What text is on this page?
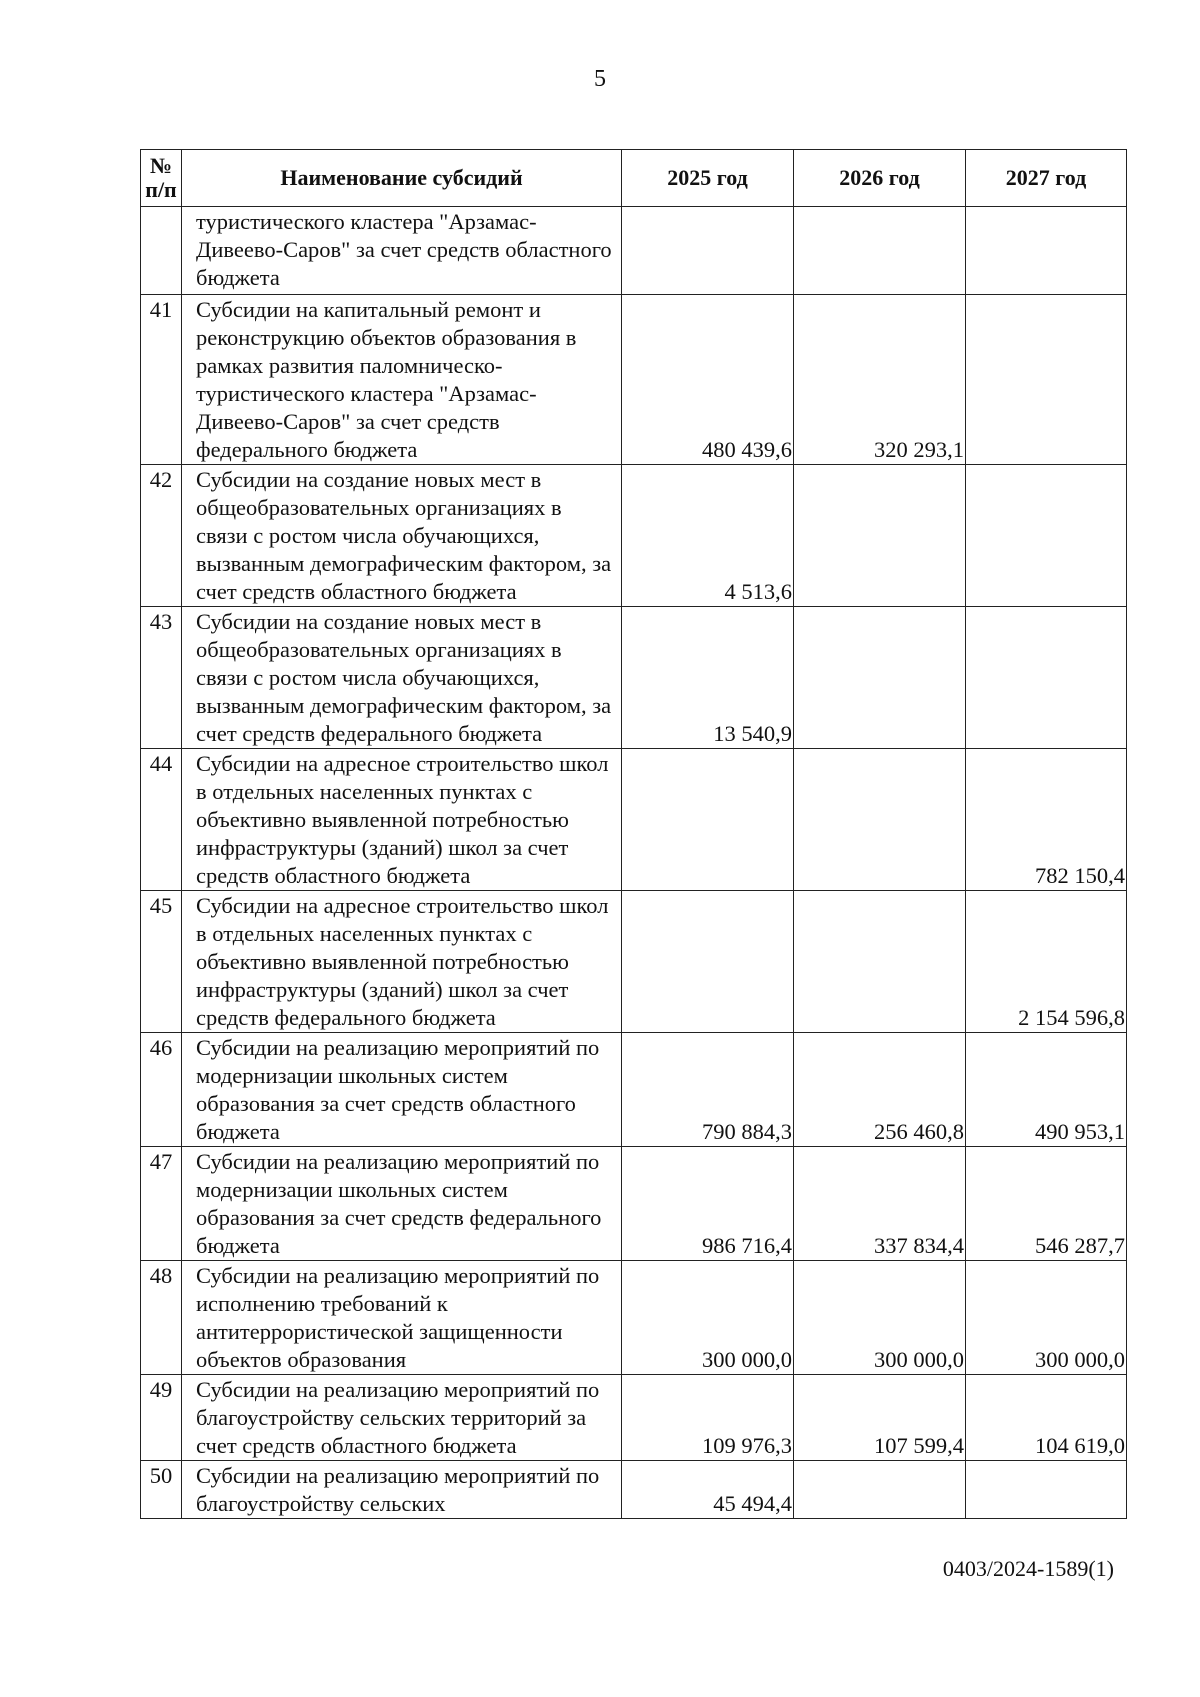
5
№ п/п	Наименование субсидий	2025 год	2026 год	2027 год
	туристического кластера "Арзамас-Дивеево-Саров" за счет средств областного бюджета			
41	Субсидии на капитальный ремонт и реконструкцию объектов образования в рамках развития паломническо-туристического кластера "Арзамас-Дивеево-Саров" за счет средств федерального бюджета	480 439,6	320 293,1	
42	Субсидии на создание новых мест в общеобразовательных организациях в связи с ростом числа обучающихся, вызванным демографическим фактором, за счет средств областного бюджета	4 513,6		
43	Субсидии на создание новых мест в общеобразовательных организациях в связи с ростом числа обучающихся, вызванным демографическим фактором, за счет средств федерального бюджета	13 540,9		
44	Субсидии на адресное строительство школ в отдельных населенных пунктах с объективно выявленной потребностью инфраструктуры (зданий) школ за счет средств областного бюджета			782 150,4
45	Субсидии на адресное строительство школ в отдельных населенных пунктах с объективно выявленной потребностью инфраструктуры (зданий) школ за счет средств федерального бюджета			2 154 596,8
46	Субсидии на реализацию мероприятий по модернизации школьных систем образования за счет средств областного бюджета	790 884,3	256 460,8	490 953,1
47	Субсидии на реализацию мероприятий по модернизации школьных систем образования за счет средств федерального бюджета	986 716,4	337 834,4	546 287,7
48	Субсидии на реализацию мероприятий по исполнению требований к антитеррористической защищенности объектов образования	300 000,0	300 000,0	300 000,0
49	Субсидии на реализацию мероприятий по благоустройству сельских территорий за счет средств областного бюджета	109 976,3	107 599,4	104 619,0
50	Субсидии на реализацию мероприятий по благоустройству сельских	45 494,4		
0403/2024-1589(1)
